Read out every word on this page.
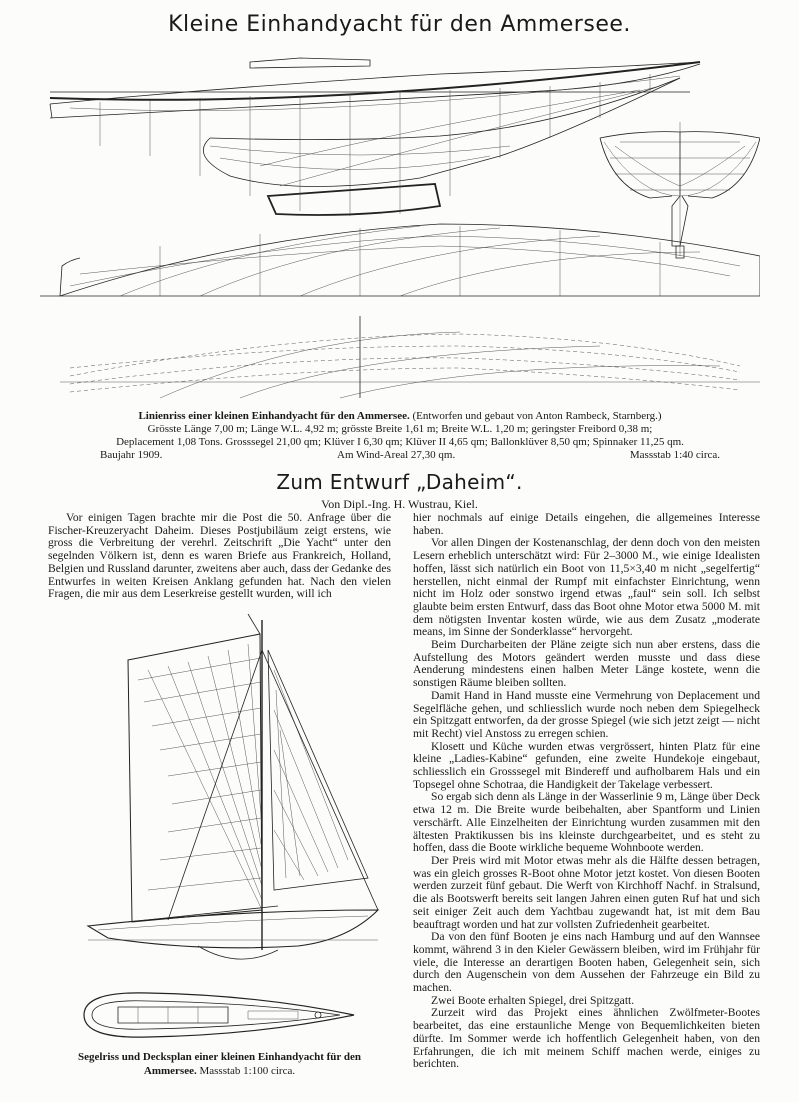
Kleine Einhandyacht für den Ammersee.
Linienriss einer kleinen Einhandyacht für den Ammersee. (Entworfen und gebaut von Anton Rambeck, Starnberg.)
Grösste Länge 7,00 m; Länge W.L. 4,92 m; grösste Breite 1,61 m; Breite W.L. 1,20 m; geringster Freibord 0,38 m;
Deplacement 1,08 Tons. Grosssegel 21,00 qm; Klüver I 6,30 qm; Klüver II 4,65 qm; Ballonklüver 8,50 qm; Spinnaker 11,25 qm.
Baujahr 1909.	Am Wind-Areal 27,30 qm.	Massstab 1:40 circa.
Zum Entwurf „Daheim“.
Von Dipl.-Ing. H. Wustrau, Kiel.

Vor einigen Tagen brachte mir die Post die 50. Anfrage über die Fischer-Kreuzeryacht Daheim. Dieses Postjubiläum zeigt erstens, wie gross die Verbreitung der verehrl. Zeitschrift „Die Yacht“ unter den segelnden Völkern ist, denn es waren Briefe aus Frankreich, Holland, Belgien und Russland darunter, zweitens aber auch, dass der Gedanke des Entwurfes in weiten Kreisen Anklang gefunden hat. Nach den vielen Fragen, die mir aus dem Leserkreise gestellt wurden, will ich

Segelriss und Decksplan einer kleinen Einhandyacht für den
Ammersee. Massstab 1:100 circa.

hier nochmals auf einige Details eingehen, die allgemeines Interesse haben.

Vor allen Dingen der Kostenanschlag, der denn doch von den meisten Lesern erheblich unterschätzt wird: Für 2–3000 M., wie einige Idealisten hoffen, lässt sich natürlich ein Boot von 11,5×3,40 m nicht „segelfertig“ herstellen, nicht einmal der Rumpf mit einfachster Einrichtung, wenn nicht im Holz oder sonstwo irgend etwas „faul“ sein soll. Ich selbst glaubte beim ersten Entwurf, dass das Boot ohne Motor etwa 5000 M. mit dem nötigsten Inventar kosten würde, wie aus dem Zusatz „moderate means, im Sinne der Sonderklasse“ hervorgeht.

Beim Durcharbeiten der Pläne zeigte sich nun aber erstens, dass die Aufstellung des Motors geändert werden musste und dass diese Aenderung mindestens einen halben Meter Länge kostete, wenn die sonstigen Räume bleiben sollten.

Damit Hand in Hand musste eine Vermehrung von Deplacement und Segelfläche gehen, und schliesslich wurde noch neben dem Spiegelheck ein Spitzgatt entworfen, da der grosse Spiegel (wie sich jetzt zeigt — nicht mit Recht) viel Anstoss zu erregen schien.

Klosett und Küche wurden etwas vergrössert, hinten Platz für eine kleine „Ladies-Kabine“ gefunden, eine zweite Hundekoje eingebaut, schliesslich ein Grosssegel mit Bindereff und aufholbarem Hals und ein Topsegel ohne Schotraa, die Handigkeit der Takelage verbessert.

So ergab sich denn als Länge in der Wasserlinie 9 m, Länge über Deck etwa 12 m. Die Breite wurde beibehalten, aber Spantform und Linien verschärft. Alle Einzelheiten der Einrichtung wurden zusammen mit den ältesten Praktikussen bis ins kleinste durchgearbeitet, und es steht zu hoffen, dass die Boote wirkliche bequeme Wohnboote werden.

Der Preis wird mit Motor etwas mehr als die Hälfte dessen betragen, was ein gleich grosses R-Boot ohne Motor jetzt kostet. Von diesen Booten werden zurzeit fünf gebaut. Die Werft von Kirchhoff Nachf. in Stralsund, die als Bootswerft bereits seit langen Jahren einen guten Ruf hat und sich seit einiger Zeit auch dem Yachtbau zugewandt hat, ist mit dem Bau beauftragt worden und hat zur vollsten Zufriedenheit gearbeitet.

Da von den fünf Booten je eins nach Hamburg und auf den Wannsee kommt, während 3 in den Kieler Gewässern bleiben, wird im Frühjahr für viele, die Interesse an derartigen Booten haben, Gelegenheit sein, sich durch den Augenschein von dem Aussehen der Fahrzeuge ein Bild zu machen.

Zwei Boote erhalten Spiegel, drei Spitzgatt.

Zurzeit wird das Projekt eines ähnlichen Zwölfmeter-Bootes bearbeitet, das eine erstaunliche Menge von Bequemlichkeiten bieten dürfte. Im Sommer werde ich hoffentlich Gelegenheit haben, von den Erfahrungen, die ich mit meinem Schiff machen werde, einiges zu berichten.
